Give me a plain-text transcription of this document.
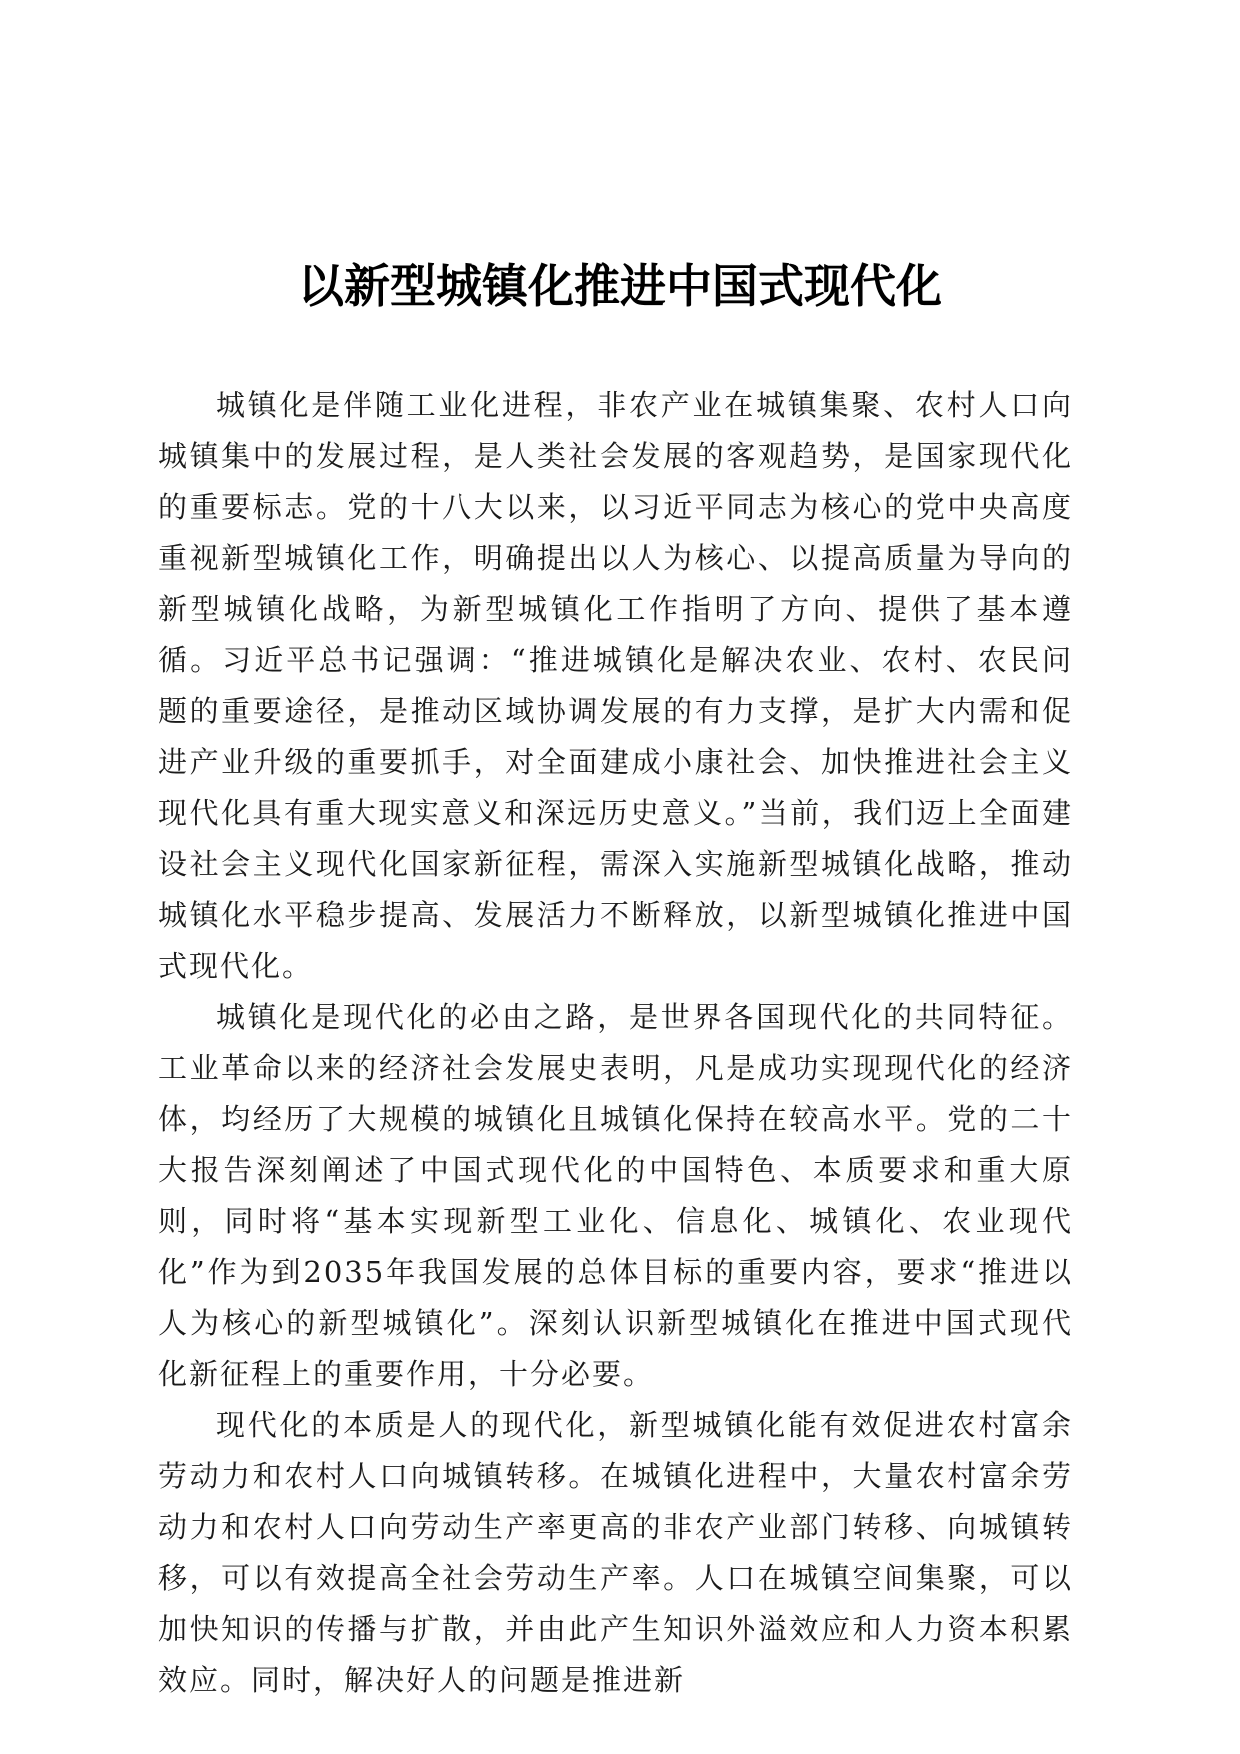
以新型城镇化推进中国式现代化

城镇化是伴随工业化进程，非农产业在城镇集聚、农村人口向城镇集中的发展过程，是人类社会发展的客观趋势，是国家现代化的重要标志。党的十八大以来，以习近平同志为核心的党中央高度重视新型城镇化工作，明确提出以人为核心、以提高质量为导向的新型城镇化战略，为新型城镇化工作指明了方向、提供了基本遵循。习近平总书记强调：“推进城镇化是解决农业、农村、农民问题的重要途径，是推动区域协调发展的有力支撑，是扩大内需和促进产业升级的重要抓手，对全面建成小康社会、加快推进社会主义现代化具有重大现实意义和深远历史意义。”当前，我们迈上全面建设社会主义现代化国家新征程，需深入实施新型城镇化战略，推动城镇化水平稳步提高、发展活力不断释放，以新型城镇化推进中国式现代化。

城镇化是现代化的必由之路，是世界各国现代化的共同特征。工业革命以来的经济社会发展史表明，凡是成功实现现代化的经济体，均经历了大规模的城镇化且城镇化保持在较高水平。党的二十大报告深刻阐述了中国式现代化的中国特色、本质要求和重大原则，同时将“基本实现新型工业化、信息化、城镇化、农业现代化”作为到2035年我国发展的总体目标的重要内容，要求“推进以人为核心的新型城镇化”。深刻认识新型城镇化在推进中国式现代化新征程上的重要作用，十分必要。

现代化的本质是人的现代化，新型城镇化能有效促进农村富余劳动力和农村人口向城镇转移。在城镇化进程中，大量农村富余劳动力和农村人口向劳动生产率更高的非农产业部门转移、向城镇转移，可以有效提高全社会劳动生产率。人口在城镇空间集聚，可以加快知识的传播与扩散，并由此产生知识外溢效应和人力资本积累效应。同时，解决好人的问题是推进新
